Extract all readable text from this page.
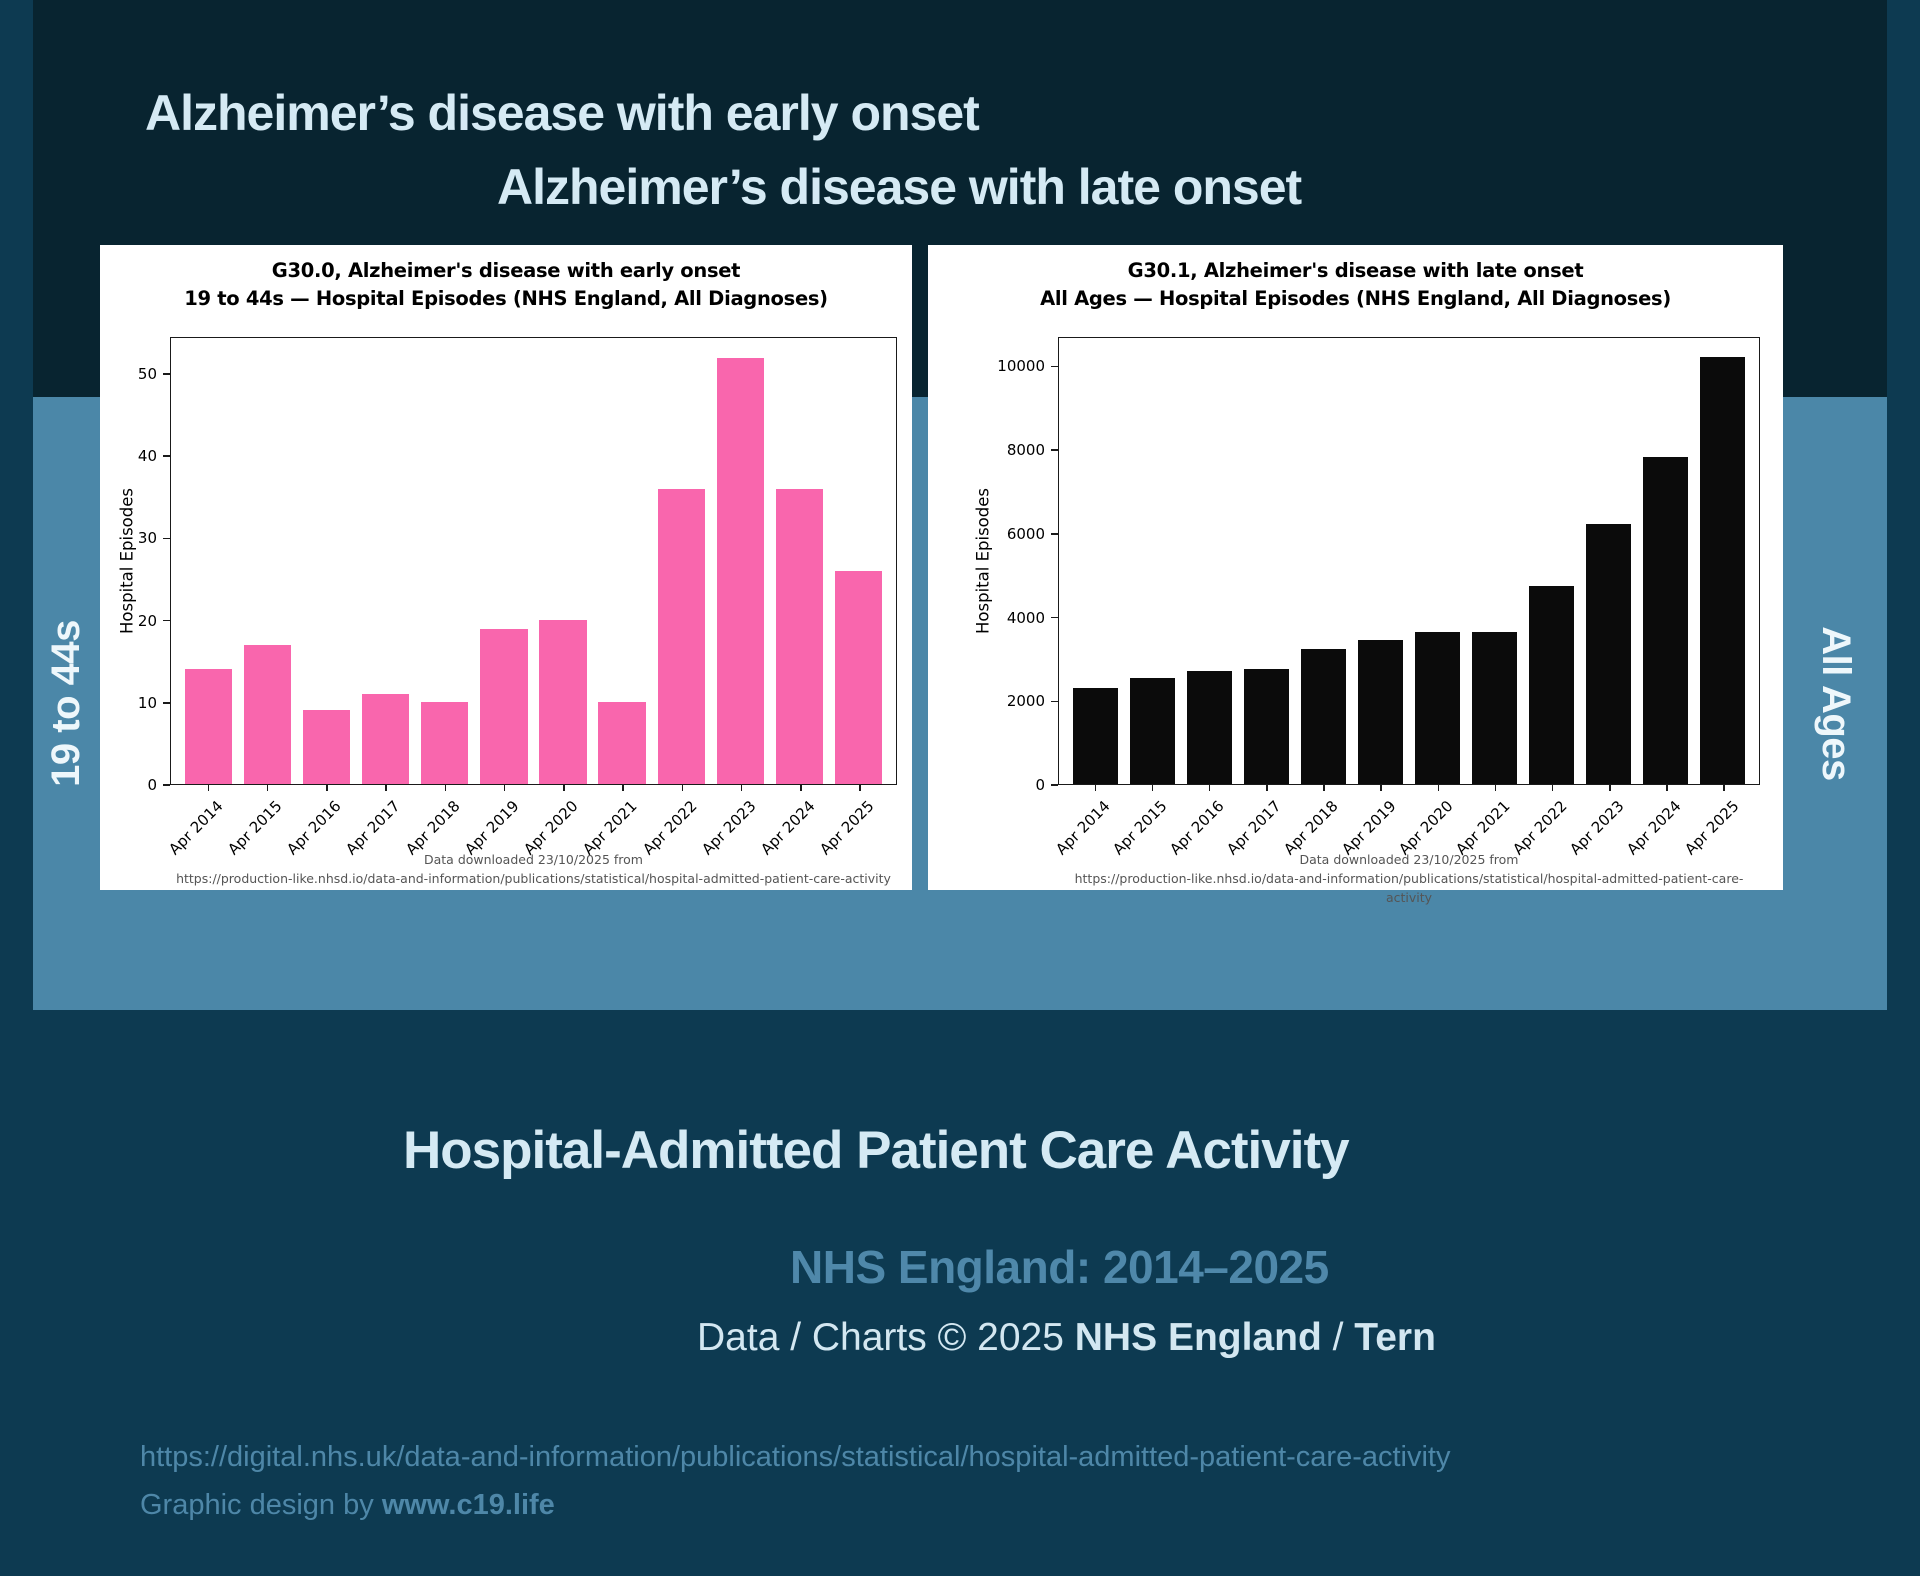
Alzheimer’s disease with early onset
Alzheimer’s disease with late onset
19 to 44s	All Ages
G30.0, Alzheimer's disease with early onset
19 to 44s — Hospital Episodes (NHS England, All Diagnoses)
Hospital Episodes
0
10
20
30
40
50
Apr 2014
Apr 2015
Apr 2016
Apr 2017
Apr 2018
Apr 2019
Apr 2020
Apr 2021
Apr 2022
Apr 2023
Apr 2024
Apr 2025
Data downloaded 23/10/2025 from
https://production-like.nhsd.io/data-and-information/publications/statistical/hospital-admitted-patient-care-activity
G30.1, Alzheimer's disease with late onset
All Ages — Hospital Episodes (NHS England, All Diagnoses)
Hospital Episodes
0
2000
4000
6000
8000
10000
Apr 2014
Apr 2015
Apr 2016
Apr 2017
Apr 2018
Apr 2019
Apr 2020
Apr 2021
Apr 2022
Apr 2023
Apr 2024
Apr 2025
Data downloaded 23/10/2025 from
https://production-like.nhsd.io/data-and-information/publications/statistical/hospital-admitted-patient-care-activity
Hospital-Admitted Patient Care Activity
NHS England: 2014–2025
Data / Charts © 2025 NHS England / Tern
https://digital.nhs.uk/data-and-information/publications/statistical/hospital-admitted-patient-care-activity
Graphic design by www.c19.life
